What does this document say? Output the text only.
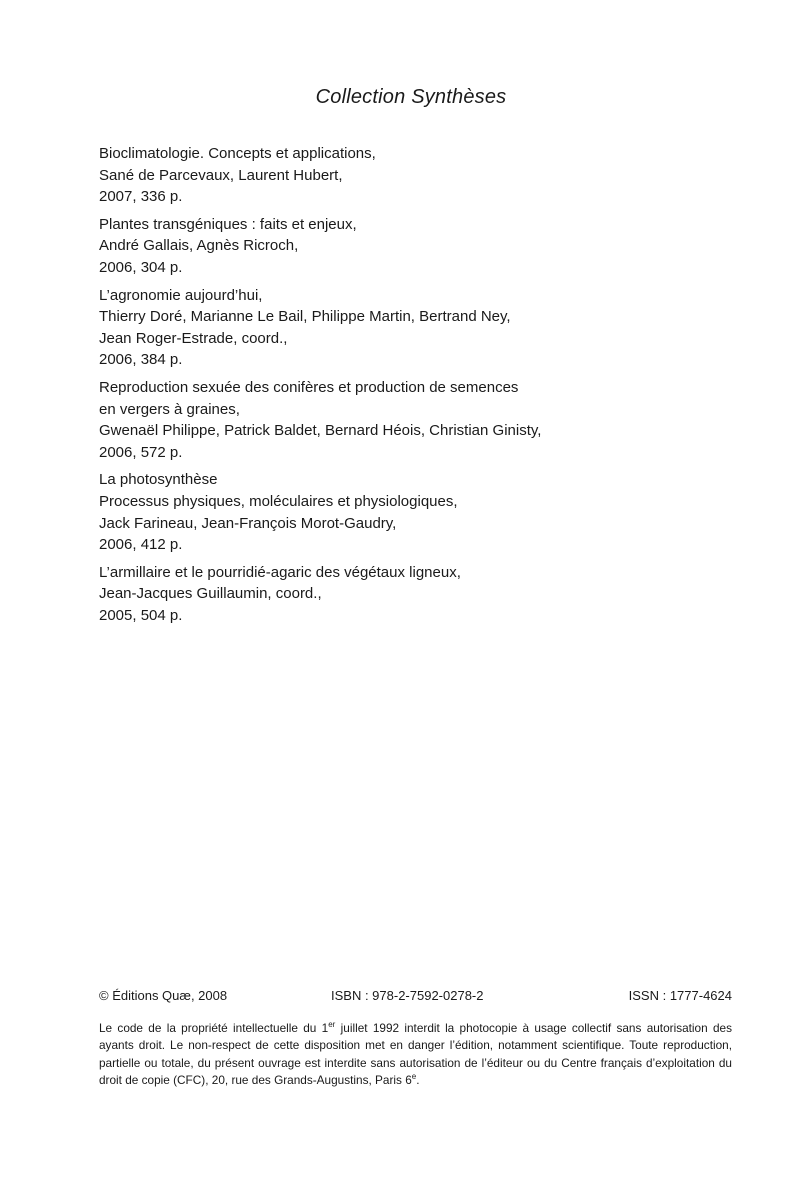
Collection Synthèses
Bioclimatologie. Concepts et applications,
Sané de Parcevaux, Laurent Hubert,
2007, 336 p.
Plantes transgéniques : faits et enjeux,
André Gallais, Agnès Ricroch,
2006, 304 p.
L’agronomie aujourd’hui,
Thierry Doré, Marianne Le Bail, Philippe Martin, Bertrand Ney,
Jean Roger-Estrade, coord.,
2006, 384 p.
Reproduction sexuée des conifères et production de semences
en vergers à graines,
Gwenaël Philippe, Patrick Baldet, Bernard Héois, Christian Ginisty,
2006, 572 p.
La photosynthèse
Processus physiques, moléculaires et physiologiques,
Jack Farineau, Jean-François Morot-Gaudry,
2006, 412 p.
L’armillaire et le pourridié-agaric des végétaux ligneux,
Jean-Jacques Guillaumin, coord.,
2005, 504 p.
© Éditions Quæ, 2008	ISBN : 978-2-7592-0278-2	ISSN : 1777-4624

Le code de la propriété intellectuelle du 1er juillet 1992 interdit la photocopie à usage collectif sans autorisation des ayants droit. Le non-respect de cette disposition met en danger l’édition, notamment scientifique. Toute reproduction, partielle ou totale, du présent ouvrage est interdite sans autorisation de l’éditeur ou du Centre français d’exploitation du droit de copie (CFC), 20, rue des Grands-Augustins, Paris 6e.
